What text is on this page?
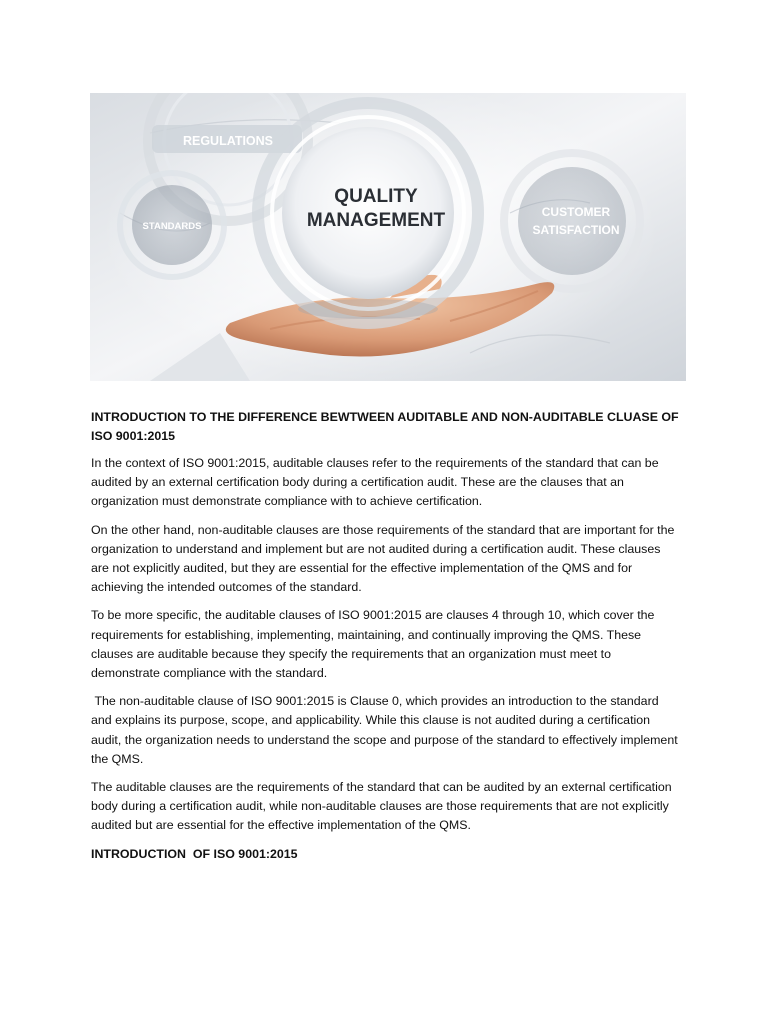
REGULATIONS
STANDARDS
CUSTOMER
SATISFACTION
QUALITY
MANAGEMENT

INTRODUCTION TO THE DIFFERENCE BEWTWEEN AUDITABLE AND NON-AUDITABLE CLUASE OF ISO 9001:2015

In the context of ISO 9001:2015, auditable clauses refer to the requirements of the standard that can be audited by an external certification body during a certification audit. These are the clauses that an organization must demonstrate compliance with to achieve certification.

On the other hand, non-auditable clauses are those requirements of the standard that are important for the organization to understand and implement but are not audited during a certification audit. These clauses are not explicitly audited, but they are essential for the effective implementation of the QMS and for achieving the intended outcomes of the standard.

To be more specific, the auditable clauses of ISO 9001:2015 are clauses 4 through 10, which cover the requirements for establishing, implementing, maintaining, and continually improving the QMS. These clauses are auditable because they specify the requirements that an organization must meet to demonstrate compliance with the standard.

The non-auditable clause of ISO 9001:2015 is Clause 0, which provides an introduction to the standard and explains its purpose, scope, and applicability. While this clause is not audited during a certification audit, the organization needs to understand the scope and purpose of the standard to effectively implement the QMS.

The auditable clauses are the requirements of the standard that can be audited by an external certification body during a certification audit, while non-auditable clauses are those requirements that are not explicitly audited but are essential for the effective implementation of the QMS.

INTRODUCTION  OF ISO 9001:2015
